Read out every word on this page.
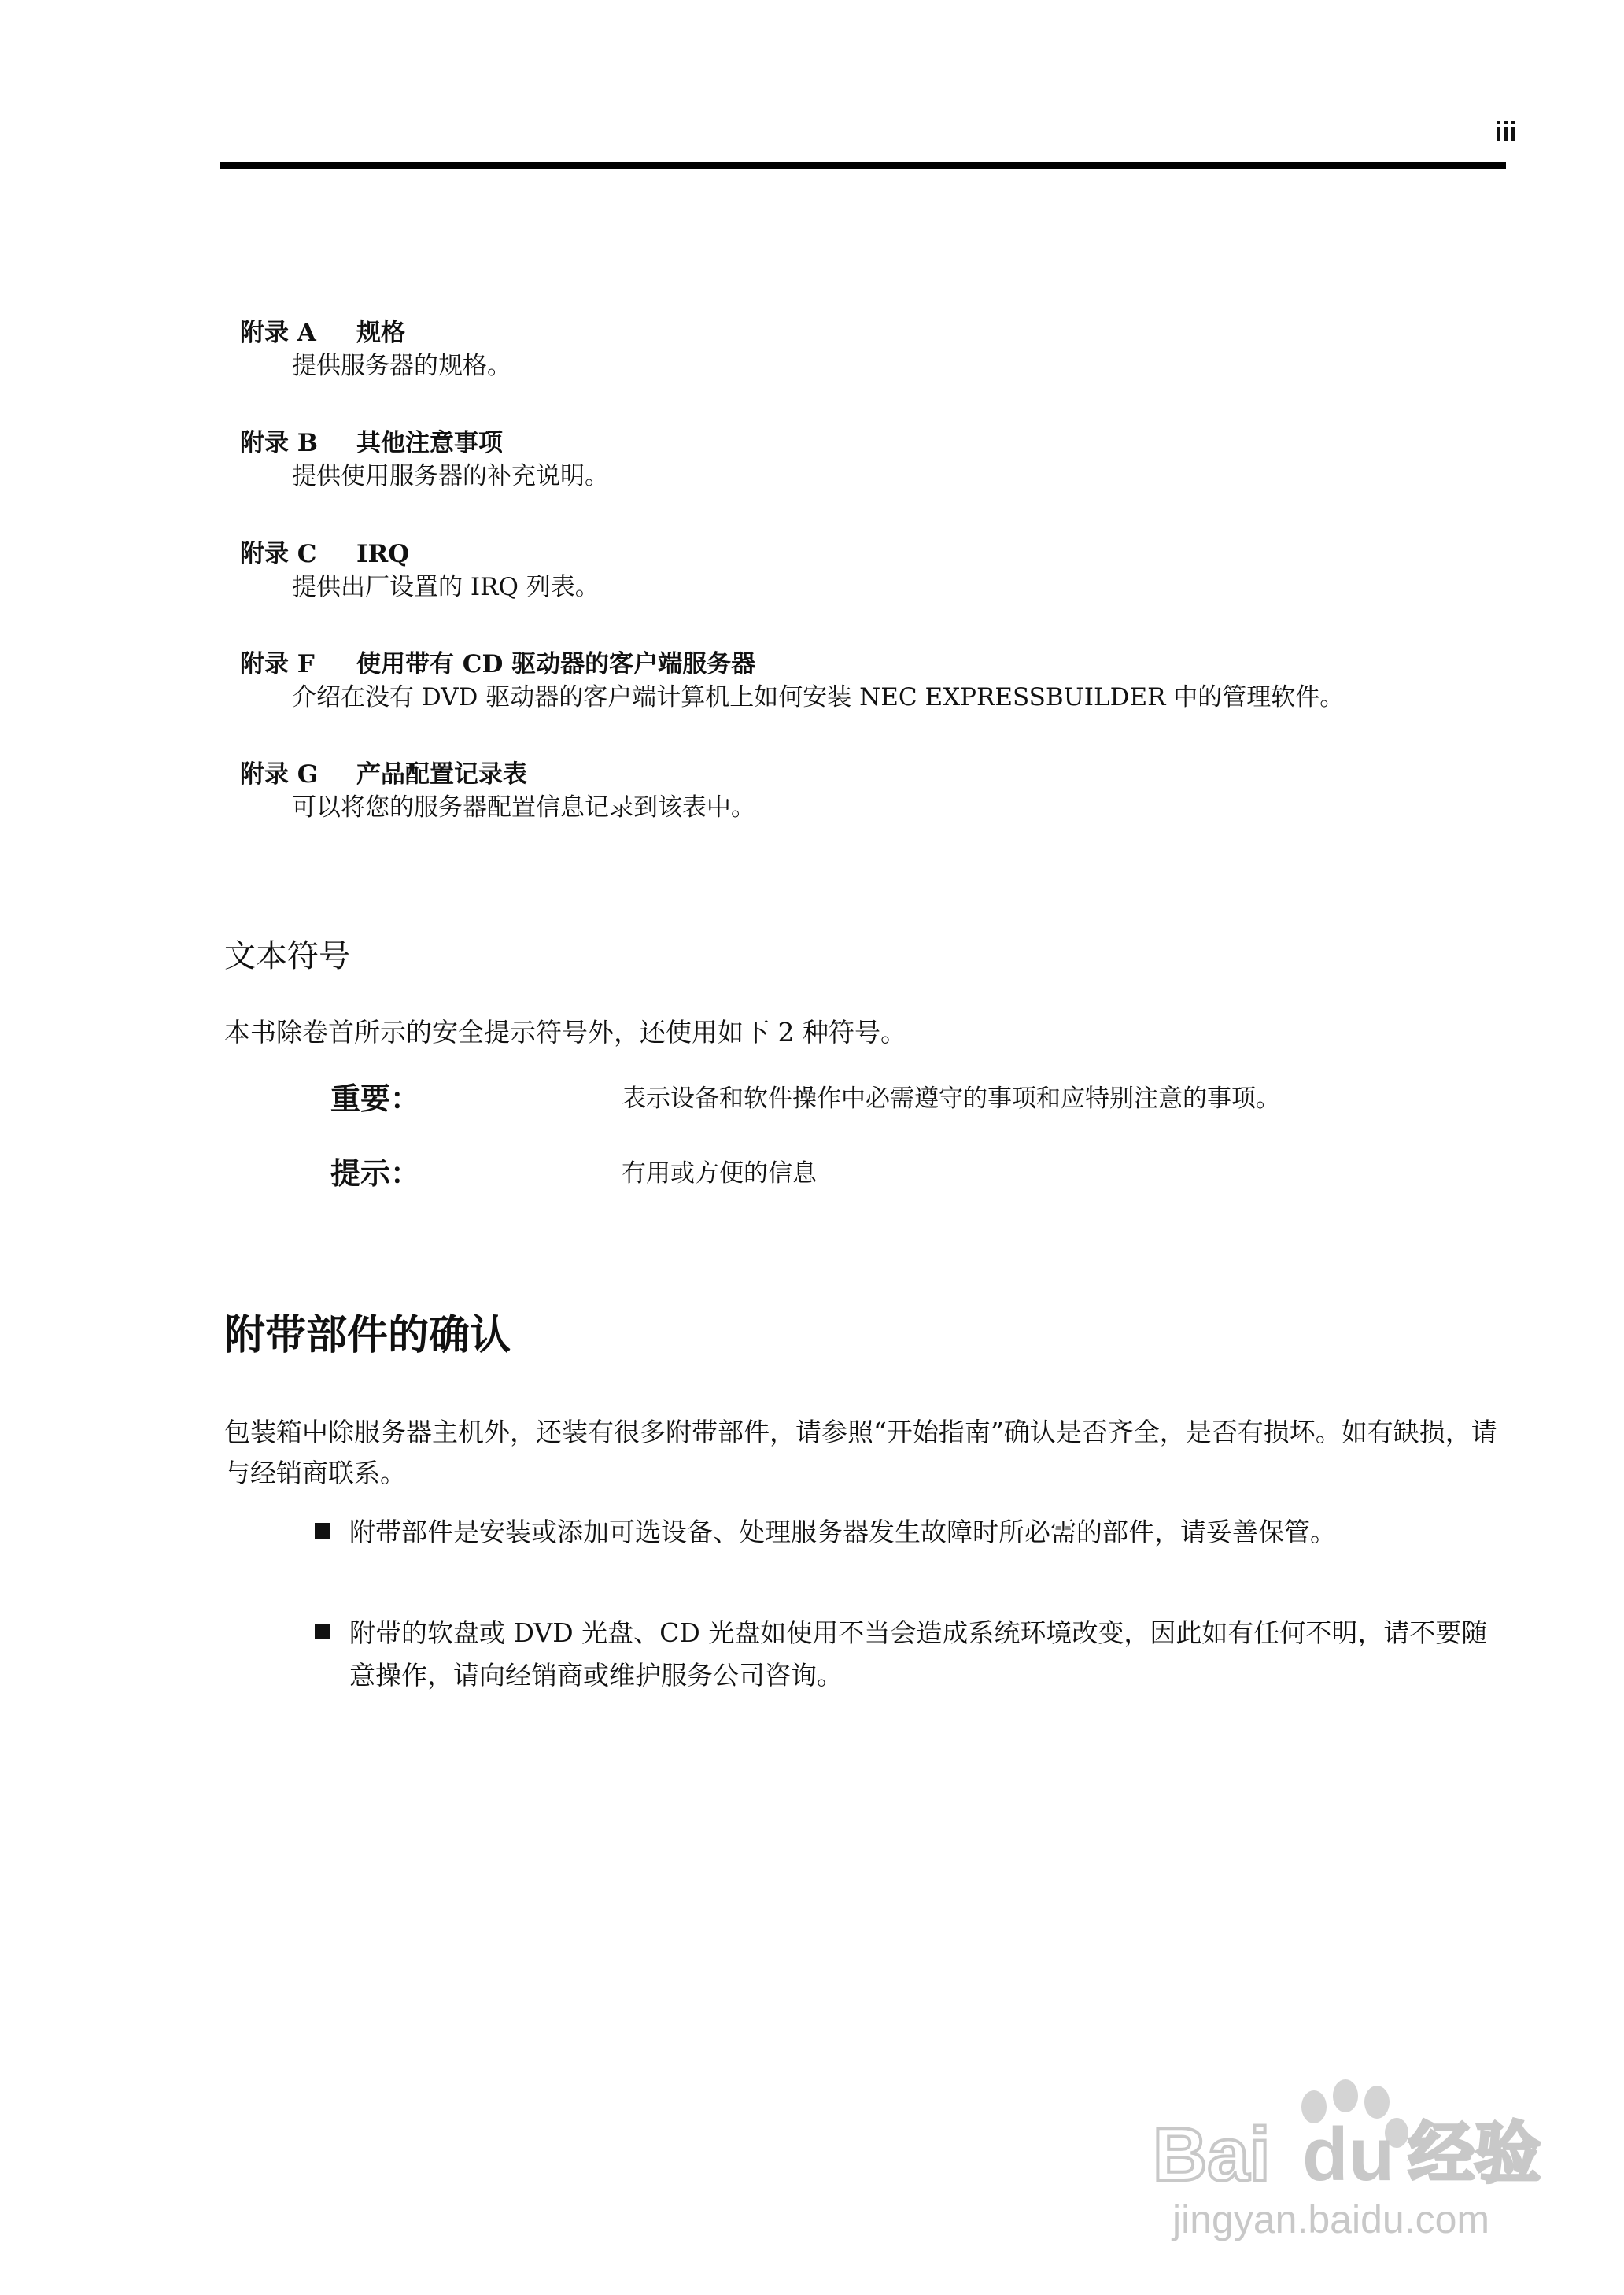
iii
附录 A 规格
提供服务器的规格。
附录 B 其他注意事项
提供使用服务器的补充说明。
附录 C IRQ
提供出厂设置的 IRQ 列表。
附录 F 使用带有 CD 驱动器的客户端服务器
介绍在没有 DVD 驱动器的客户端计算机上如何安装 NEC EXPRESSBUILDER 中的管理软件。
附录 G 产品配置记录表
可以将您的服务器配置信息记录到该表中。
文本符号
本书除卷首所示的安全提示符号外，还使用如下 2 种符号。
重要：	表示设备和软件操作中必需遵守的事项和应特别注意的事项。
提示：	有用或方便的信息
附带部件的确认
包装箱中除服务器主机外，还装有很多附带部件，请参照“开始指南”确认是否齐全，是否有损坏。如有缺损，请与经销商联系。
附带部件是安装或添加可选设备、处理服务器发生故障时所必需的部件，请妥善保管。
附带的软盘或 DVD 光盘、CD 光盘如使用不当会造成系统环境改变，因此如有任何不明，请不要随意操作，请向经销商或维护服务公司咨询。
Bai du 经验
jingyan.baidu.com
